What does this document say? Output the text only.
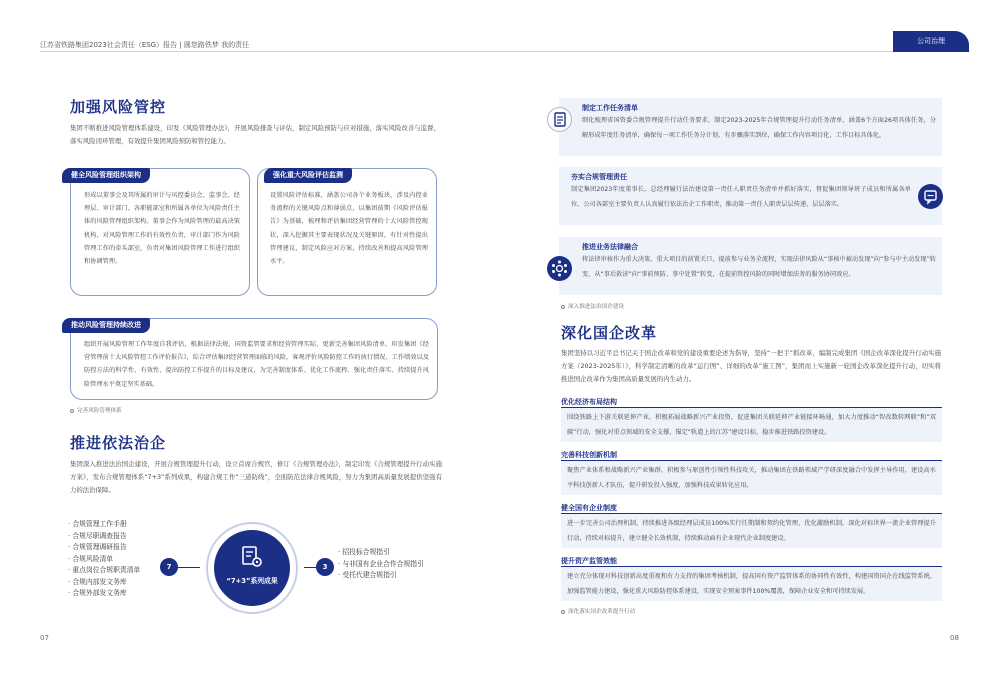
江苏省铁路集团2023社会责任（ESG）报告 | 圆您路铁梦 我的责任	公司治理
加强风险管控
集团不断推进风险管理体系建设，印发《风险管理办法》，开展风险排查与评估，制定风险预防与应对措施，落实风险改善与监督，落实风险闭环管理，有效提升集团风险预防和管控能力。
健全风险管理组织架构
形成以董事会及其所属的审计与风控委员会、监事会、经理层、审计部门、各职能部室和所属各单位为风险责任主体的风险管理组织架构。董事会作为风险管理的最高决策机构，对风险管理工作的有效性负责，审计部门作为风险管理工作的牵头部室，负责对集团风险管理工作进行组织和协调管理。
强化重大风险评估监测
设置风险评估标准，涵盖公司各个业务板块，涉及内控业务流程的关键风险点和薄弱点，以集团前期《风险评估报告》为基础，梳理和评估集团经营管理的十大风险管控现状，深入挖掘其主要表现状况及关键原因，有针对性提出管理建议，制定风险应对方案，持续改善和提高风险管理水平。
推动风险管理持续改进
组织开展风险管理工作年度自我评估，根据法律法规、国资监管要求和经营管理实际，更新完善集团风险清单，印发集团《经营管理前十大风险管控工作评价报告》，综合评估集团经营管理面临的风险，客观评价风险防控工作的执行情况、工作绩效以及防控方法的科学性、有效性，提出防控工作提升的目标及建议，为完善制度体系、优化工作流程、强化责任落实、持续提升风险管理水平奠定坚实基础。
完善风险管理体系
推进依法治企
集团深入推进法治国企建设，开展合规管理提升行动，设立首席合规官，修订《合规管理办法》，制定印发《合规管理提升行动实施方案》，发布合规管理体系“7+3”系列成果，构建合规工作“三道防线”，全面防范法律合规风险，努力为集团高质量发展提供坚强有力的法治保障。
· 合规管理工作手册
· 合规尽职调查报告
· 合规管理调研报告
· 合规风险清单
· 重点岗位合规职责清单
· 合规内部发文务库
· 合规外部发文务库
7
“7+3”系列成果
3
· 招投标合规指引
· 与非国有企业合作合规指引
· 受托代建合规指引
07
制定工作任务清单
细化梳理省国资委合规管理提升行动任务要求，制定2023-2025年合规管理提升行动任务清单，涵盖6个方面26项具体任务，分解形成年度任务清单，确保每一项工作任务分计划、有步骤落实到位，确保工作内容项目化、工作目标具体化。
夯实合规管理责任
制定集团2023年度董事长、总经理履行法治建设第一责任人职责任务清单并抓好落实，督促集团领导班子成员和所属各单位、公司各部室主要负责人认真履行依法治企工作职责，推动第一责任人职责层层传递、层层落实。
推进业务法律融合
将法律审核作为重大决策、重大项目的前置关口，提前参与业务全流程，实现法律风险从“事核中被动发现”向“参与中主动发现”转变，从“事后救济”向“事前预防、事中处置”转变，在提前管控风险的同时增加法务的服务协同效应。
深入推进法治国企建设
深化国企改革
集团坚持以习近平总书记关于国企改革和党的建设重要论述为指导，坚持“一把手”抓改革，编制完成集团《国企改革深化提升行动实施方案（2023-2025年）》，科学制定清晰的改革“运行图”、详细的改革“施工图”，集团而上实施新一轮国企改革深化提升行动，切实将推进国企改革作为集团高质量发展的内生动力。
优化经济布局结构
围绕铁路上下游关联延伸产业，积极拓展战略新兴产业投资，促进集团关联延伸产业链接环畅通，加大力度推动“智改数转网联”和“双碳”行动，强化对重点领域的安全支撑，锚定“轨道上的江苏”建设目标，稳步推进铁路投资建设。
完善科技创新机制
聚焦产业体系和战略新兴产业集群，积极参与原创性引领性科技攻关，推动集团在铁路领域产学研深度融合中发挥主导作用，建设高水平科技创新人才队伍，提升研发投入强度，加强科技成果转化应用。
健全国有企业制度
进一步完善公司治理机制，持续推进各级经理层成员100%实行任期制和契约化管理，优化激励机制，深化对标世界一流企业管理提升行动，持续对标提升，建立健全长效机制，持续推动面有企业现代企业制度建设。
提升资产监管效能
建立充分体现对科技创新高度重视和有力支持的集团考核机制，提高国有资产监管体系的协同性有效性，构建国资国企在线监管系统，加强监管能力建设，强化重大风险防控体系建设，实现安全预案事件100%覆盖，保障企业安全和可持续发展。
深化落实国企改革提升行动
08
